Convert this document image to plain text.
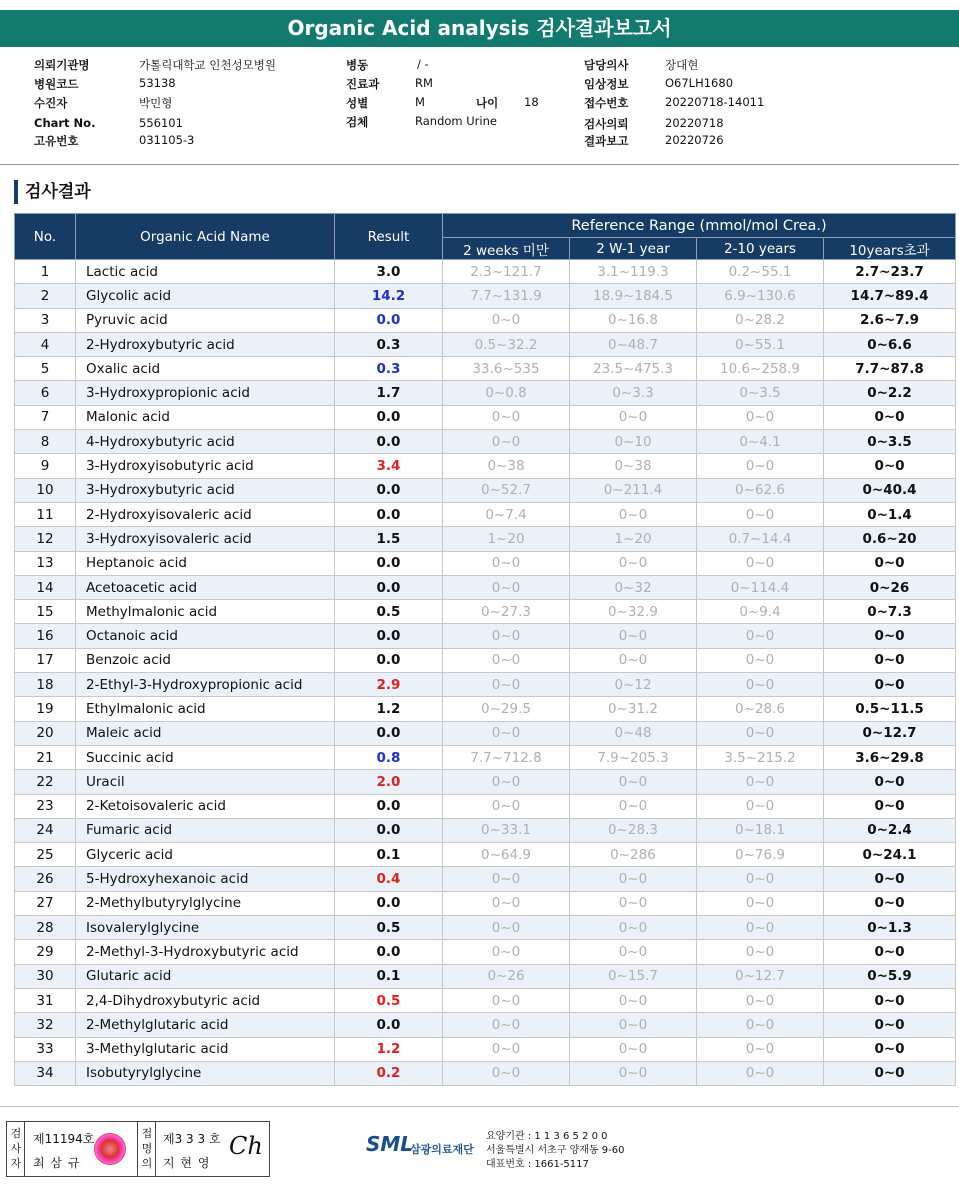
Organic Acid analysis 검사결과보고서
의뢰기관명	가톨릭대학교 인천성모병원
병원코드	53138
수진자	박민형
Chart No.	556101
고유번호	031105-3
병동	/ -
진료과	RM
성별	M	나이 18
검체	Random Urine
담당의사	장대현
임상정보	O67LH1680
접수번호	20220718-14011
검사의뢰	20220718
결과보고	20220726
검사결과
No.	Organic Acid Name	Result	Reference Range (mmol/mol Crea.)			
			2 weeks 미만	2 W-1 year	2-10 years	10years초과
1	Lactic acid	3.0	2.3~121.7	3.1~119.3	0.2~55.1	2.7~23.7
2	Glycolic acid	14.2	7.7~131.9	18.9~184.5	6.9~130.6	14.7~89.4
3	Pyruvic acid	0.0	0~0	0~16.8	0~28.2	2.6~7.9
4	2-Hydroxybutyric acid	0.3	0.5~32.2	0~48.7	0~55.1	0~6.6
5	Oxalic acid	0.3	33.6~535	23.5~475.3	10.6~258.9	7.7~87.8
6	3-Hydroxypropionic acid	1.7	0~0.8	0~3.3	0~3.5	0~2.2
7	Malonic acid	0.0	0~0	0~0	0~0	0~0
8	4-Hydroxybutyric acid	0.0	0~0	0~10	0~4.1	0~3.5
9	3-Hydroxyisobutyric acid	3.4	0~38	0~38	0~0	0~0
10	3-Hydroxybutyric acid	0.0	0~52.7	0~211.4	0~62.6	0~40.4
11	2-Hydroxyisovaleric acid	0.0	0~7.4	0~0	0~0	0~1.4
12	3-Hydroxyisovaleric acid	1.5	1~20	1~20	0.7~14.4	0.6~20
13	Heptanoic acid	0.0	0~0	0~0	0~0	0~0
14	Acetoacetic acid	0.0	0~0	0~32	0~114.4	0~26
15	Methylmalonic acid	0.5	0~27.3	0~32.9	0~9.4	0~7.3
16	Octanoic acid	0.0	0~0	0~0	0~0	0~0
17	Benzoic acid	0.0	0~0	0~0	0~0	0~0
18	2-Ethyl-3-Hydroxypropionic acid	2.9	0~0	0~12	0~0	0~0
19	Ethylmalonic acid	1.2	0~29.5	0~31.2	0~28.6	0.5~11.5
20	Maleic acid	0.0	0~0	0~48	0~0	0~12.7
21	Succinic acid	0.8	7.7~712.8	7.9~205.3	3.5~215.2	3.6~29.8
22	Uracil	2.0	0~0	0~0	0~0	0~0
23	2-Ketoisovaleric acid	0.0	0~0	0~0	0~0	0~0
24	Fumaric acid	0.0	0~33.1	0~28.3	0~18.1	0~2.4
25	Glyceric acid	0.1	0~64.9	0~286	0~76.9	0~24.1
26	5-Hydroxyhexanoic acid	0.4	0~0	0~0	0~0	0~0
27	2-Methylbutyrylglycine	0.0	0~0	0~0	0~0	0~0
28	Isovalerylglycine	0.5	0~0	0~0	0~0	0~1.3
29	2-Methyl-3-Hydroxybutyric acid	0.0	0~0	0~0	0~0	0~0
30	Glutaric acid	0.1	0~26	0~15.7	0~12.7	0~5.9
31	2,4-Dihydroxybutyric acid	0.5	0~0	0~0	0~0	0~0
32	2-Methylglutaric acid	0.0	0~0	0~0	0~0	0~0
33	3-Methylglutaric acid	1.2	0~0	0~0	0~0	0~0
34	Isobutyrylglycine	0.2	0~0	0~0	0~0	0~0
검사자
제11194호
최 삼 규
접명의
제3 3 3 호
지 현 영
Ch	SML
삼광의료재단
요양기관 : 1 1 3 6 5 2 0 0
서울특별시 서초구 양재동 9-60
대표번호 : 1661-5117
